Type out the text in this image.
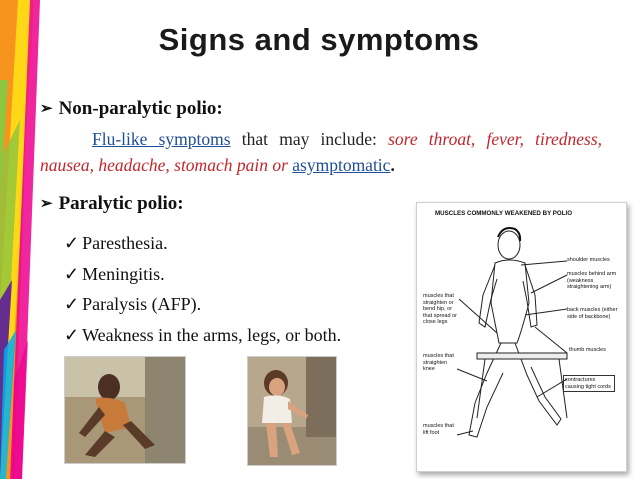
Signs and symptoms
➢ Non-paralytic polio:
Flu-like symptoms that may include: sore throat, fever, tiredness, nausea, headache, stomach pain or asymptomatic.
➢ Paralytic polio:
✓ Paresthesia.
✓ Meningitis.
✓ Paralysis (AFP).
✓ Weakness in the arms, legs, or both.
MUSCLES COMMONLY WEAKENED BY POLIO
shoulder muscles
muscles behind arm (weakness straightening arm)
back muscles (either side of backbone)
muscles that straighten or bend hip, or that spread or close legs
thumb muscles
muscles that straighten knee
contractures causing tight cords
muscles that lift foot
